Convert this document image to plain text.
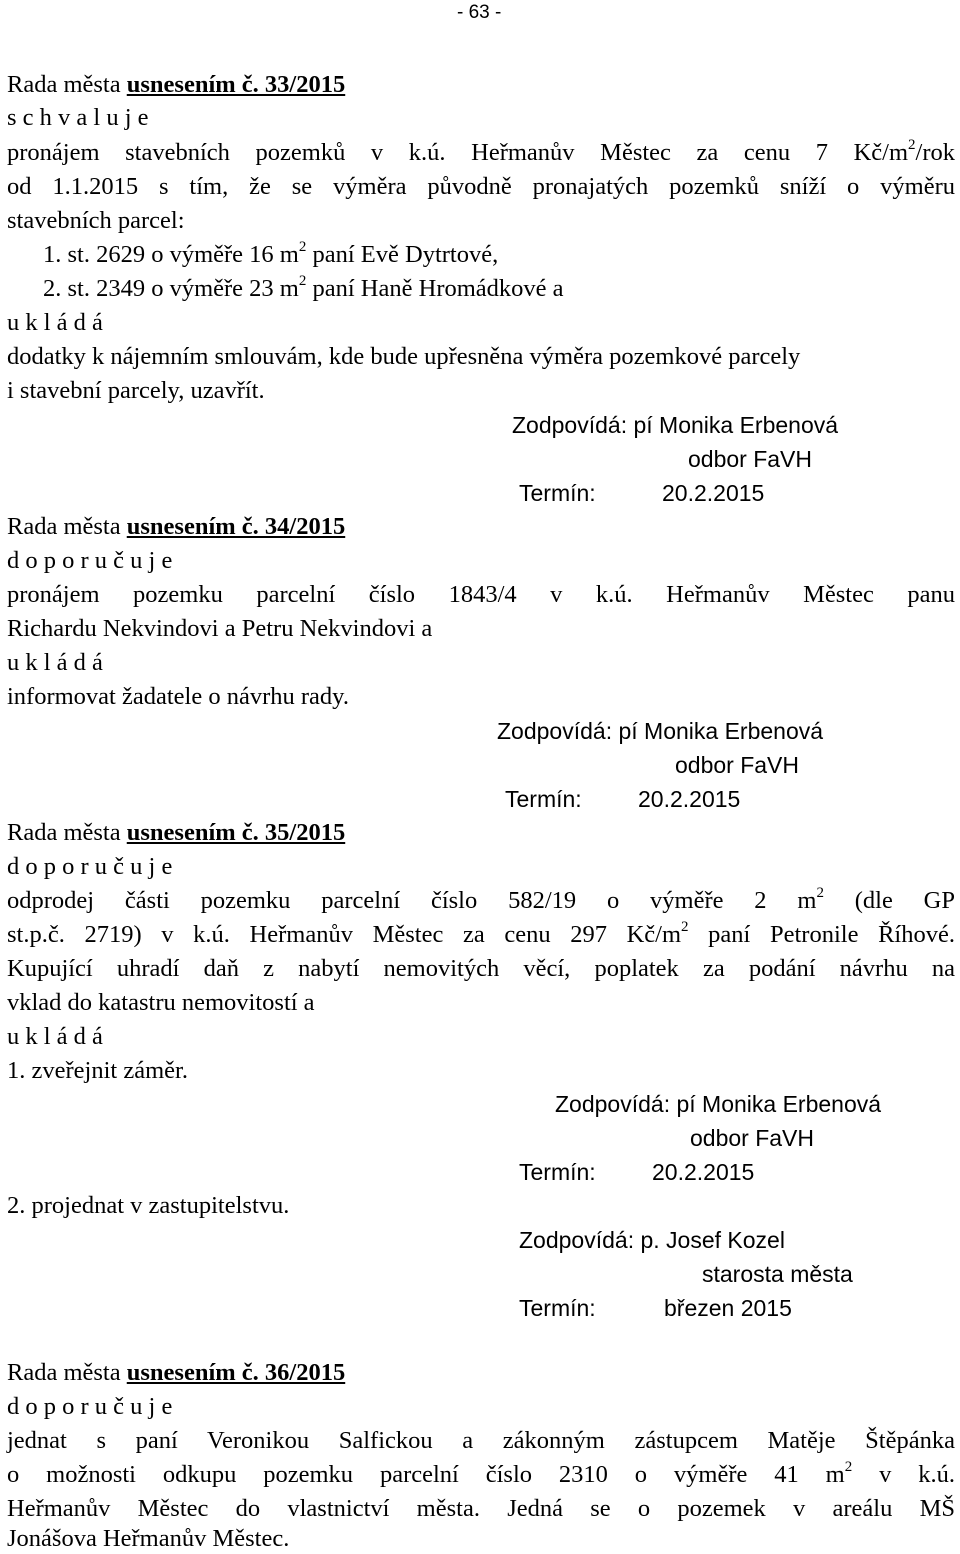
- 63 -
Rada města usnesením č. 33/2015
s c h v a l u j e
pronájem stavebních pozemků v k.ú. Heřmanův Městec za cenu 7 $Kč/m^2$/rok
od 1.1.2015 s tím, že se výměra původně pronajatých pozemků sníží o výměru
stavebních parcel:
1. st. 2629 o výměře 16 $m^2$ paní Evě Dytrtové,
2. st. 2349 o výměře 23 $m^2$ paní Haně Hromádkové a
u k l á d á
dodatky k nájemním smlouvám, kde bude upřesněna výměra pozemkové parcely
i stavební parcely, uzavřít.
Zodpovídá: pí Monika Erbenová
odbor FaVH
Termín:	20.2.2015
Rada města usnesením č. 34/2015
d o p o r u č u j e
pronájem pozemku parcelní číslo 1843/4 v k.ú. Heřmanův Městec panu
Richardu Nekvindovi a Petru Nekvindovi a
u k l á d á
informovat žadatele o návrhu rady.
Zodpovídá: pí Monika Erbenová
odbor FaVH
Termín: 20.2.2015
Rada města usnesením č. 35/2015
d o p o r u č u j e
odprodej části pozemku parcelní číslo 582/19 o výměře 2 $m^2$ (dle GP
st.p.č. 2719) v k.ú. Heřmanův Městec za cenu 297 $Kč/m^2$ paní Petronile Říhové.
Kupující uhradí daň z nabytí nemovitých věcí, poplatek za podání návrhu na
vklad do katastru nemovitostí a
u k l á d á
1. zveřejnit záměr.
Zodpovídá: pí Monika Erbenová
odbor FaVH
Termín: 20.2.2015
2. projednat v zastupitelstvu.
Zodpovídá: p. Josef Kozel
starosta města
Termín:	březen 2015
Rada města usnesením č. 36/2015
d o p o r u č u j e
jednat s paní Veronikou Salfickou a zákonným zástupcem Matěje Štěpánka
o možnosti odkupu pozemku parcelní číslo 2310 o výměře 41 $m^2$ v k.ú.
Heřmanův Městec do vlastnictví města. Jedná se o pozemek v areálu MŠ
Jonášova Heřmanův Městec.
